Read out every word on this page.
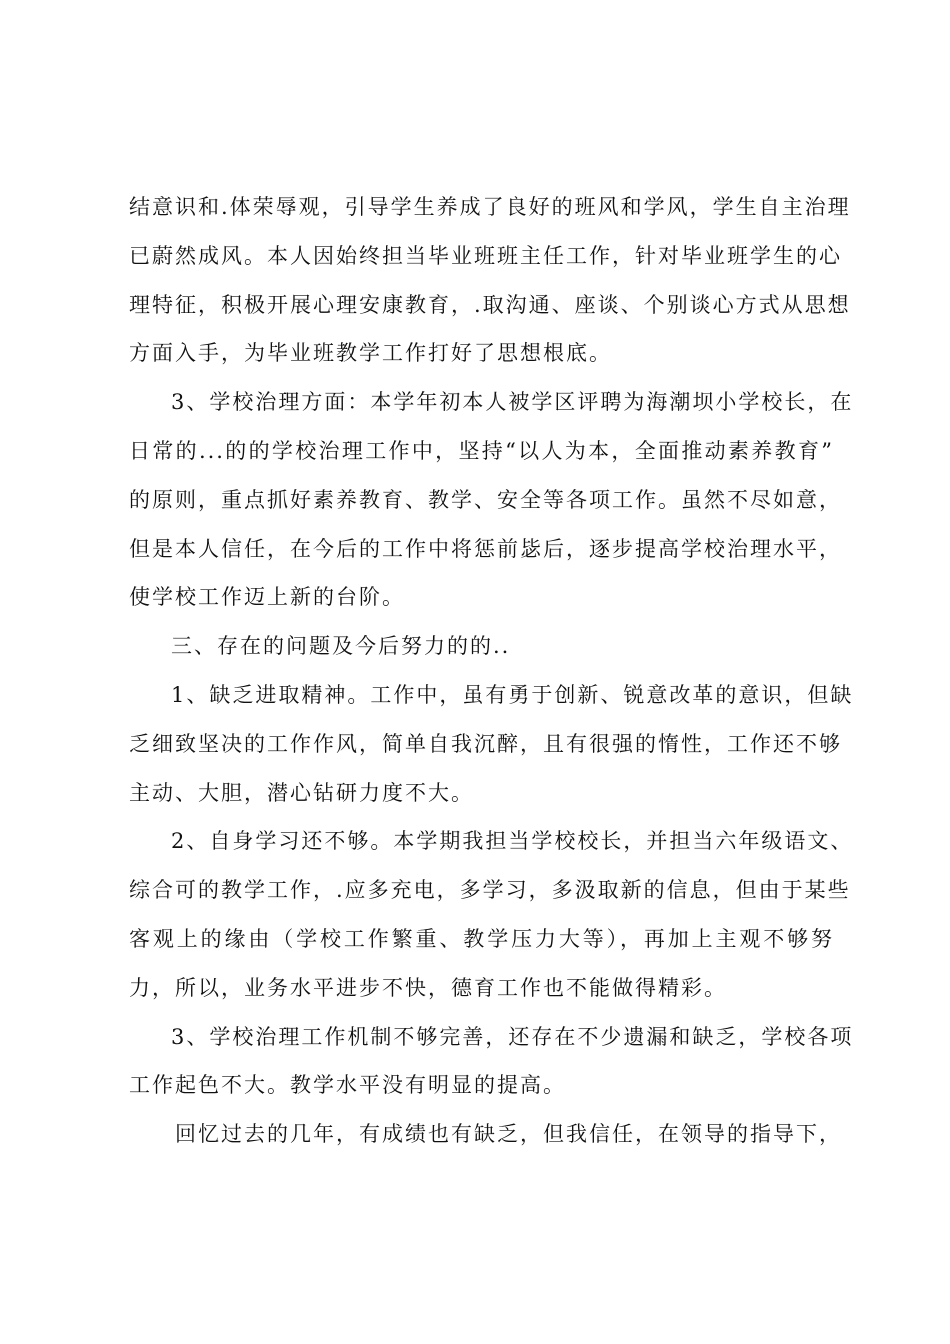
结意识和.体荣辱观，引导学生养成了良好的班风和学风，学生自主治理
已蔚然成风。本人因始终担当毕业班班主任工作，针对毕业班学生的心
理特征，积极开展心理安康教育，.取沟通、座谈、个别谈心方式从思想
方面入手，为毕业班教学工作打好了思想根底。
3、学校治理方面：本学年初本人被学区评聘为海潮坝小学校长，在
日常的...的的学校治理工作中，坚持“以人为本，全面推动素养教育”
的原则，重点抓好素养教育、教学、安全等各项工作。虽然不尽如意，
但是本人信任，在今后的工作中将惩前毖后，逐步提高学校治理水平，
使学校工作迈上新的台阶。
三、存在的问题及今后努力的的..
1、缺乏进取精神。工作中，虽有勇于创新、锐意改革的意识，但缺
乏细致坚决的工作作风，简单自我沉醉，且有很强的惰性，工作还不够
主动、大胆，潜心钻研力度不大。
2、自身学习还不够。本学期我担当学校校长，并担当六年级语文、
综合可的教学工作，.应多充电，多学习，多汲取新的信息，但由于某些
客观上的缘由（学校工作繁重、教学压力大等），再加上主观不够努
力，所以，业务水平进步不快，德育工作也不能做得精彩。
3、学校治理工作机制不够完善，还存在不少遗漏和缺乏，学校各项
工作起色不大。教学水平没有明显的提高。
回忆过去的几年，有成绩也有缺乏，但我信任，在领导的指导下，
